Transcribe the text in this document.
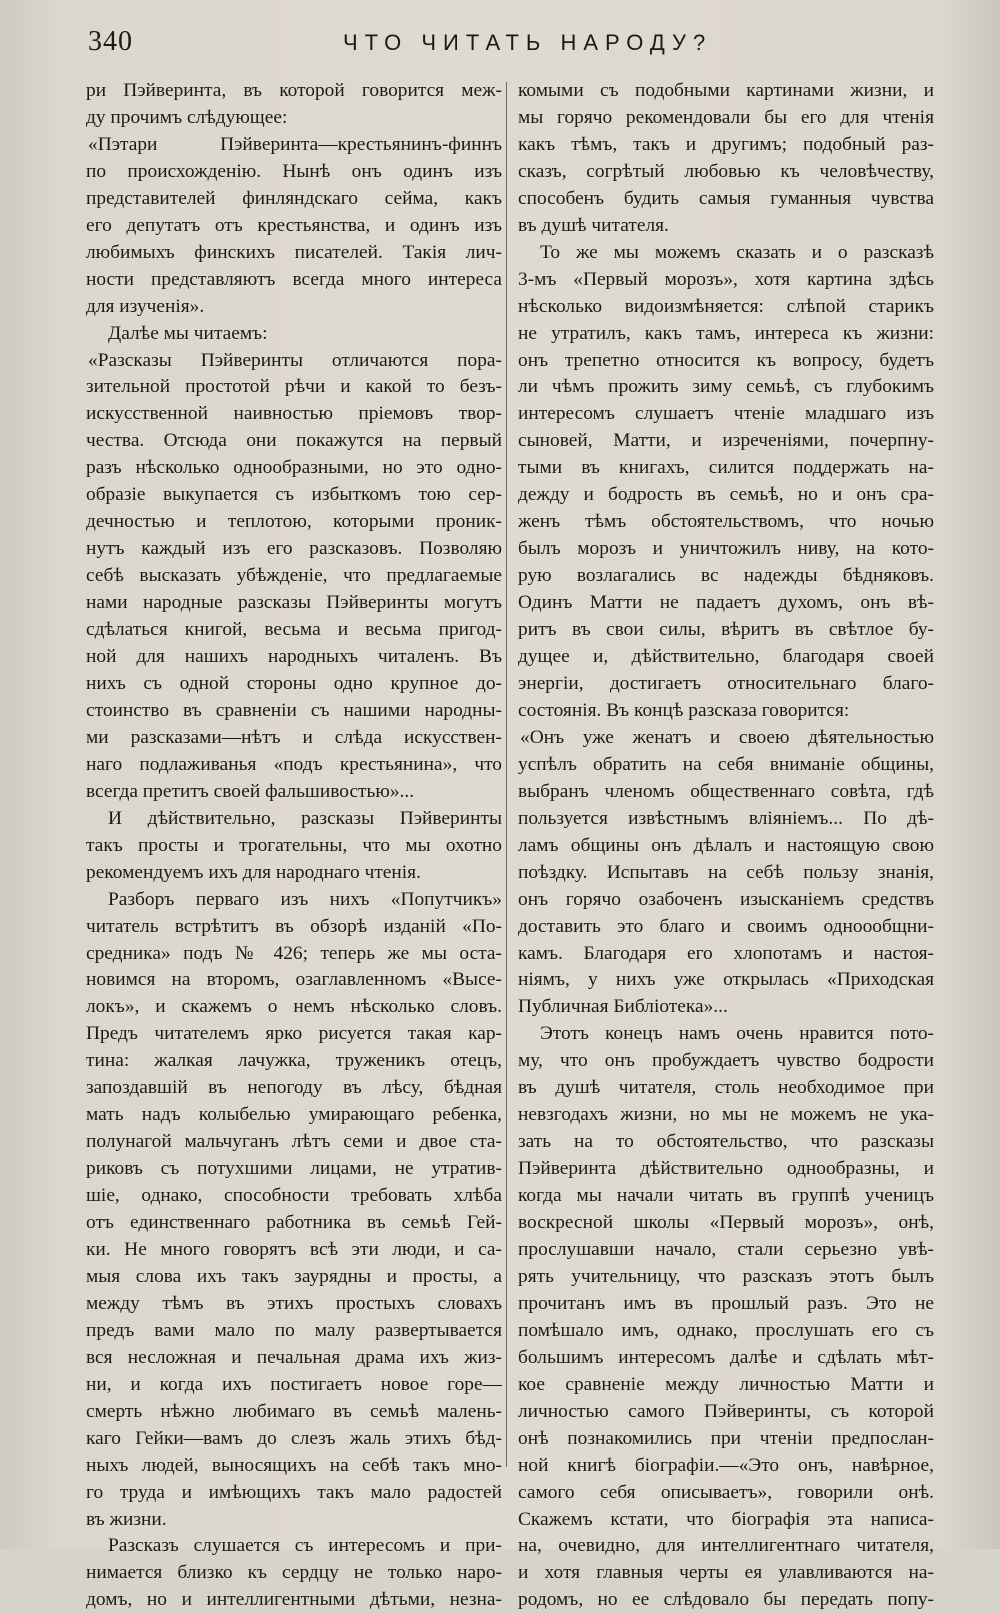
340	ЧТО ЧИТАТЬ НАРОДУ?
ри Пэйверинта, въ которой говорится меж-
ду прочимъ слѣдующее:
«Пэтари Пэйверинта—крестьянинъ-финнъ
по происхожденію. Нынѣ онъ одинъ изъ
представителей финляндскаго сейма, какъ
его депутатъ отъ крестьянства, и одинъ изъ
любимыхъ финскихъ писателей. Такія лич-
ности представляютъ всегда много интереса
для изученія».
Далѣе мы читаемъ:
«Разсказы Пэйверинты отличаются пора-
зительной простотой рѣчи и какой то безъ-
искусственной наивностью пріемовъ твор-
чества. Отсюда они покажутся на первый
разъ нѣсколько однообразными, но это одно-
образіе выкупается съ избыткомъ тою сер-
дечностью и теплотою, которыми проник-
нутъ каждый изъ его разсказовъ. Позволяю
себѣ высказать убѣжденіе, что предлагаемые
нами народные разсказы Пэйверинты могутъ
сдѣлаться книгой, весьма и весьма пригод-
ной для нашихъ народныхъ читаленъ. Въ
нихъ съ одной стороны одно крупное до-
стоинство въ сравненіи съ нашими народны-
ми разсказами—нѣтъ и слѣда искусствен-
наго подлаживанья «подъ крестьянина», что
всегда претитъ своей фальшивостью»...
И дѣйствительно, разсказы Пэйверинты
такъ просты и трогательны, что мы охотно
рекомендуемъ ихъ для народнаго чтенія.
Разборъ перваго изъ нихъ «Попутчикъ»
читатель встрѣтитъ въ обзорѣ изданій «По-
средника» подъ № 426; теперь же мы оста-
новимся на второмъ, озаглавленномъ «Высе-
локъ», и скажемъ о немъ нѣсколько словъ.
Предъ читателемъ ярко рисуется такая кар-
тина: жалкая лачужка, труженикъ отецъ,
запоздавшій въ непогоду въ лѣсу, бѣдная
мать надъ колыбелью умирающаго ребенка,
полунагой мальчуганъ лѣтъ семи и двое ста-
риковъ съ потухшими лицами, не утратив-
шіе, однако, способности требовать хлѣба
отъ единственнаго работника въ семьѣ Гей-
ки. Не много говорятъ всѣ эти люди, и са-
мыя слова ихъ такъ заурядны и просты, а
между тѣмъ въ этихъ простыхъ словахъ
предъ вами мало по малу развертывается
вся несложная и печальная драма ихъ жиз-
ни, и когда ихъ постигаетъ новое горе—
смерть нѣжно любимаго въ семьѣ малень-
каго Гейки—вамъ до слезъ жаль этихъ бѣд-
ныхъ людей, выносящихъ на себѣ такъ мно-
го труда и имѣющихъ такъ мало радостей
въ жизни.
Разсказъ слушается съ интересомъ и при-
нимается близко къ сердцу не только наро-
домъ, но и интеллигентными дѣтьми, незна-
комыми съ подобными картинами жизни, и
мы горячо рекомендовали бы его для чтенія
какъ тѣмъ, такъ и другимъ; подобный раз-
сказъ, согрѣтый любовью къ человѣчеству,
способенъ будить самыя гуманныя чувства
въ душѣ читателя.
То же мы можемъ сказать и о разсказѣ
3-мъ «Первый морозъ», хотя картина здѣсь
нѣсколько видоизмѣняется: слѣпой старикъ
не утратилъ, какъ тамъ, интереса къ жизни:
онъ трепетно относится къ вопросу, будетъ
ли чѣмъ прожить зиму семьѣ, съ глубокимъ
интересомъ слушаетъ чтеніе младшаго изъ
сыновей, Матти, и изреченіями, почерпну-
тыми въ книгахъ, силится поддержать на-
дежду и бодрость въ семьѣ, но и онъ сра-
женъ тѣмъ обстоятельствомъ, что ночью
былъ морозъ и уничтожилъ ниву, на кото-
рую возлагались вс надежды бѣдняковъ.
Одинъ Матти не падаетъ духомъ, онъ вѣ-
ритъ въ свои силы, вѣритъ въ свѣтлое бу-
дущее и, дѣйствительно, благодаря своей
энергіи, достигаетъ относительнаго благо-
состоянія. Въ концѣ разсказа говорится:
«Онъ уже женатъ и своею дѣятельностью
успѣлъ обратить на себя вниманіе общины,
выбранъ членомъ общественнаго совѣта, гдѣ
пользуется извѣстнымъ вліяніемъ... По дѣ-
ламъ общины онъ дѣлалъ и настоящую свою
поѣздку. Испытавъ на себѣ пользу знанія,
онъ горячо озабоченъ изысканіемъ средствъ
доставить это благо и своимъ одноообщни-
камъ. Благодаря его хлопотамъ и настоя-
ніямъ, у нихъ уже открылась «Приходская
Публичная Библіотека»...
Этотъ конецъ намъ очень нравится пото-
му, что онъ пробуждаетъ чувство бодрости
въ душѣ читателя, столь необходимое при
невзгодахъ жизни, но мы не можемъ не ука-
зать на то обстоятельство, что разсказы
Пэйверинта дѣйствительно однообразны, и
когда мы начали читать въ группѣ ученицъ
воскресной школы «Первый морозъ», онѣ,
прослушавши начало, стали серьезно увѣ-
рять учительницу, что разсказъ этотъ былъ
прочитанъ имъ въ прошлый разъ. Это не
помѣшало имъ, однако, прослушать его съ
большимъ интересомъ далѣе и сдѣлать мѣт-
кое сравненіе между личностью Матти и
личностью самого Пэйверинты, съ которой
онѣ познакомились при чтеніи предпослан-
ной книгѣ біографіи.—«Это онъ, навѣрное,
самого себя описываетъ», говорили онѣ.
Скажемъ кстати, что біографія эта написа-
на, очевидно, для интеллигентнаго читателя,
и хотя главныя черты ея улавливаются на-
родомъ, но ее слѣдовало бы передать попу-
